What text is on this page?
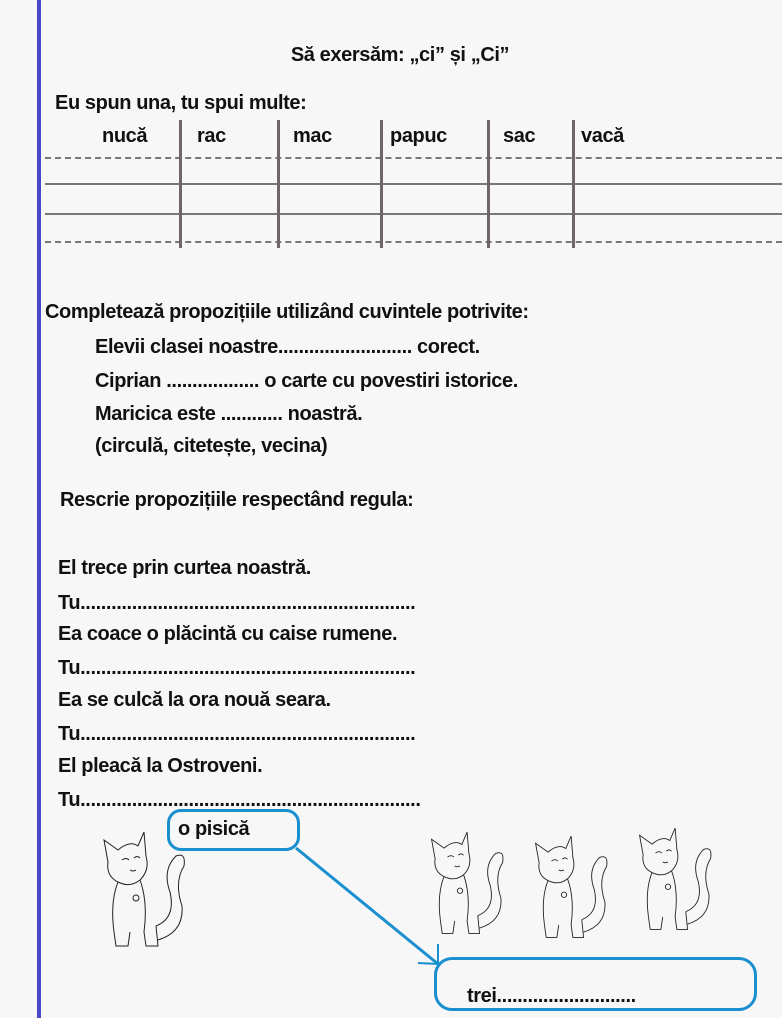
Să exersăm: „ci” și „Ci”
Eu spun una, tu spui multe:
nucă rac	mac	papuc	sac vacă
Completează propozițiile utilizând cuvintele potrivite:
Elevii clasei noastre.......................... corect.
Ciprian .................. o carte cu povestiri istorice.
Maricica este ............ noastră.
(circulă, citetește, vecina)
Rescrie propozițiile respectând regula:
El trece prin curtea noastră.
Tu.................................................................
Ea coace o plăcintă cu caise rumene.
Tu.................................................................
Ea se culcă la ora nouă seara.
Tu.................................................................
El pleacă la Ostroveni.
Tu..................................................................
o pisică
trei...........................
